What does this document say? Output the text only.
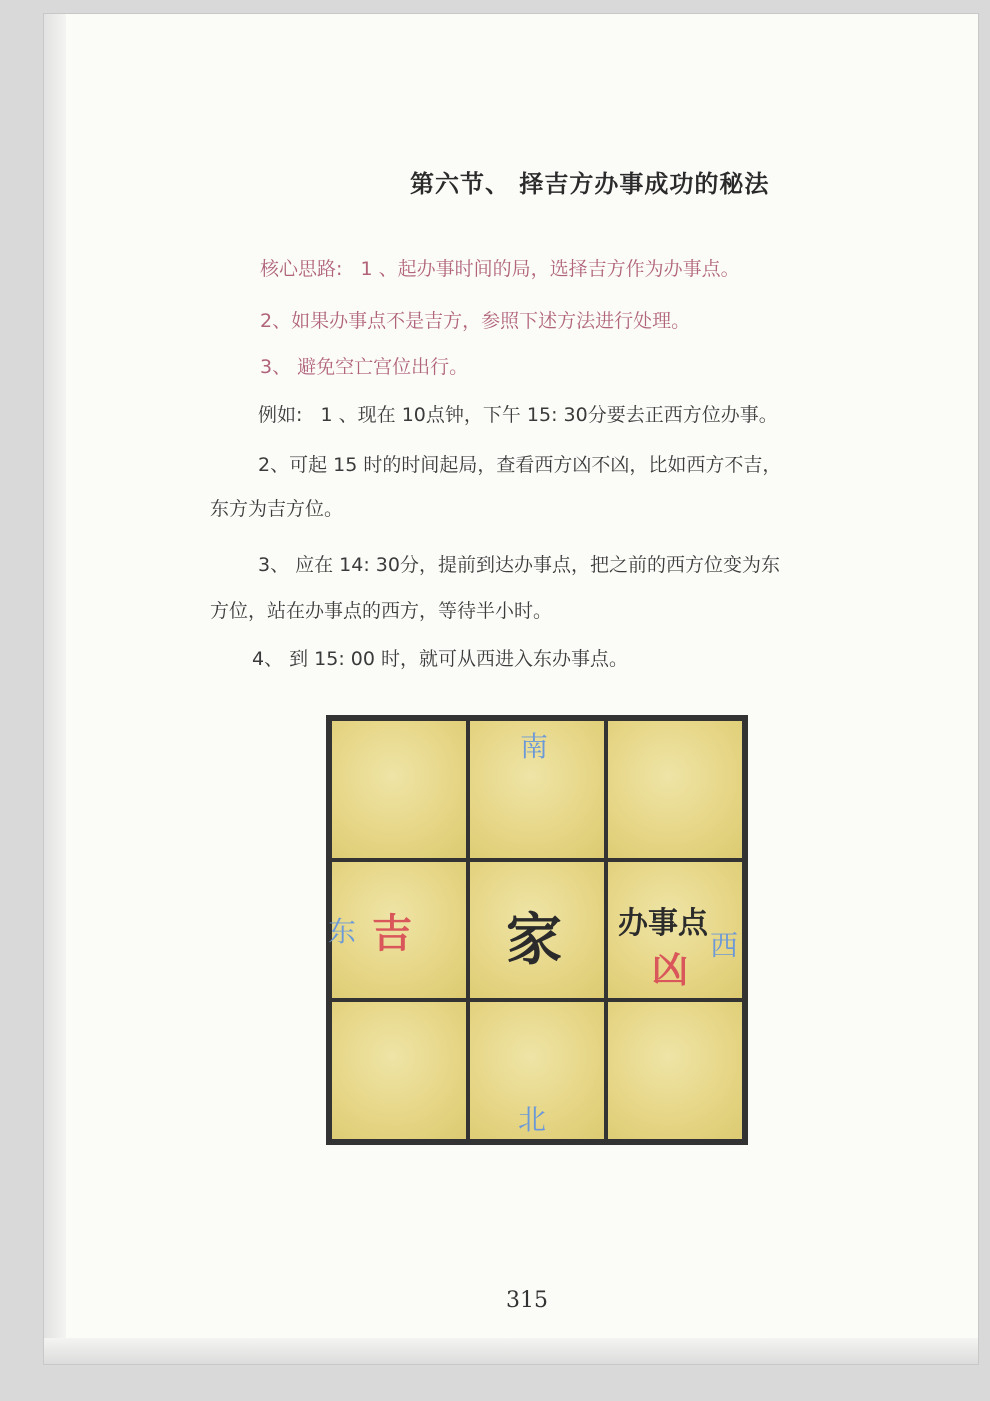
第六节、 择吉方办事成功的秘法
核心思路: 1 、起办事时间的局，选择吉方作为办事点。
2、如果办事点不是吉方，参照下述方法进行处理。
3、 避免空亡宫位出行。
例如: 1 、现在 10点钟，下午 15: 30分要去正西方位办事。
2、可起 15 时的时间起局，查看西方凶不凶，比如西方不吉，
东方为吉方位。
3、 应在 14: 30分，提前到达办事点，把之前的西方位变为东
方位，站在办事点的西方，等待半小时。
4、 到 15: 00 时，就可从西进入东办事点。
南
东 吉 家 办事点
西
凶
北
315
